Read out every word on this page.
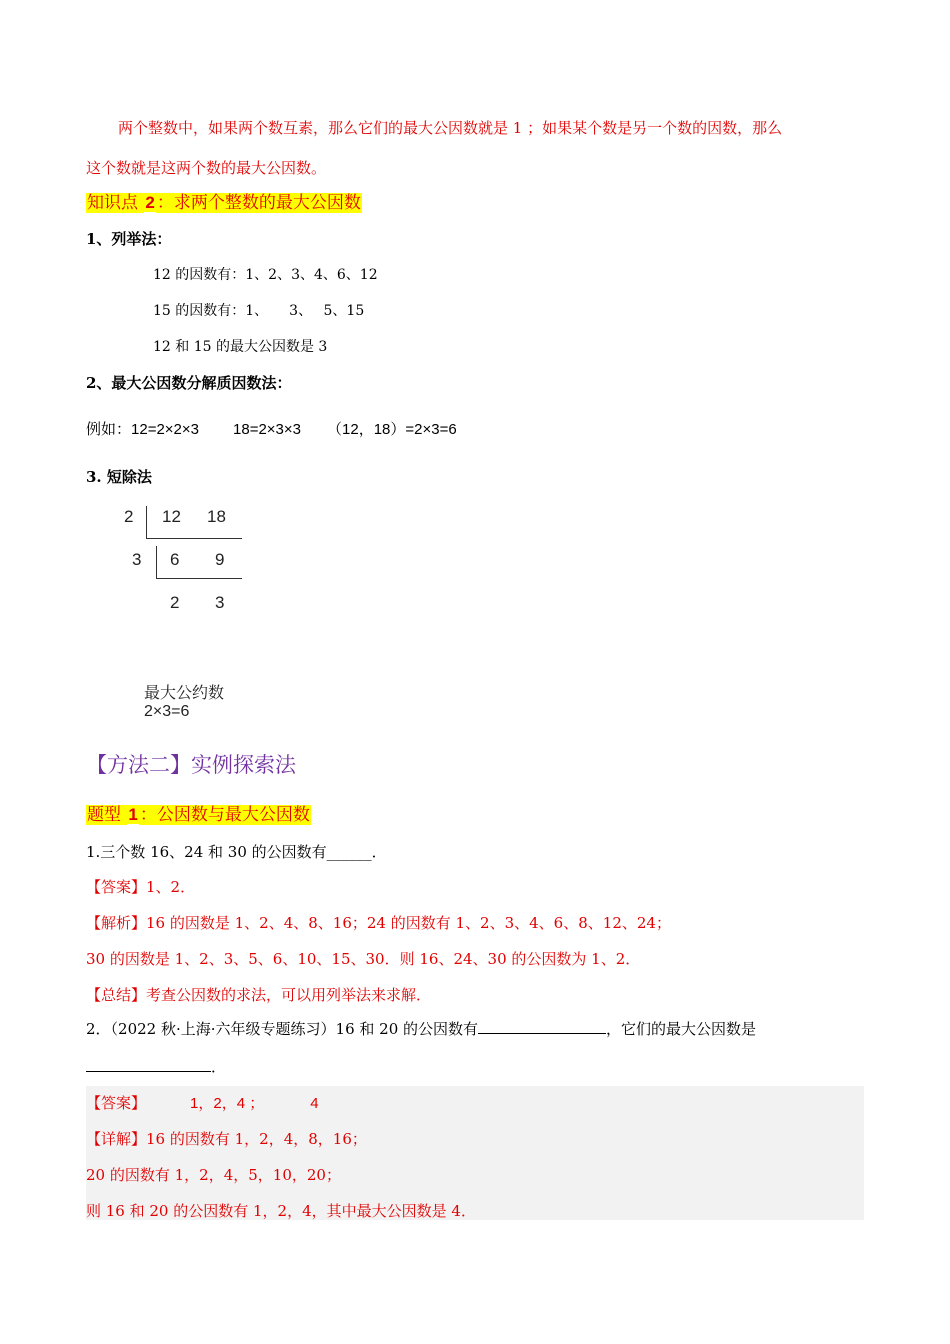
两个整数中，如果两个数互素，那么它们的最大公因数就是 1 ；如果某个数是另一个数的因数，那么
这个数就是这两个数的最大公因数。
知识点 2 ：求两个整数的最大公因数
1、列举法：
12 的因数有：1、2、3、4、6、12
15 的因数有：1、　　3、　 5、15
12 和 15 的最大公因数是 3
2、最大公因数分解质因数法：
例如：12=2×2×3 18=2×3×3 （12，18）=2×3=6
3. 短除法
2 12 18
3 6 9
2 3
最大公约数
2×3=6
【方法二】实例探索法
题型 1 ：公因数与最大公因数
1.三个数 16、24 和 30 的公因数有______．
【答案】1、2．
【解析】16 的因数是 1、2、4、8、16；24 的因数有 1、2、3、4、6、8、12、24；
30 的因数是 1、2、3、5、6、10、15、30．则 16、24、30 的公因数为 1、2．
【总结】考查公因数的求法，可以用列举法来求解．
2．（2022 秋·上海·六年级专题练习）16 和 20 的公因数有	，它们的最大公因数是
．
【答案】	1，2，4 ；	4
【详解】16 的因数有 1，2，4，8，16；
20 的因数有 1，2，4，5，10，20；
则 16 和 20 的公因数有 1，2，4，其中最大公因数是 4．
